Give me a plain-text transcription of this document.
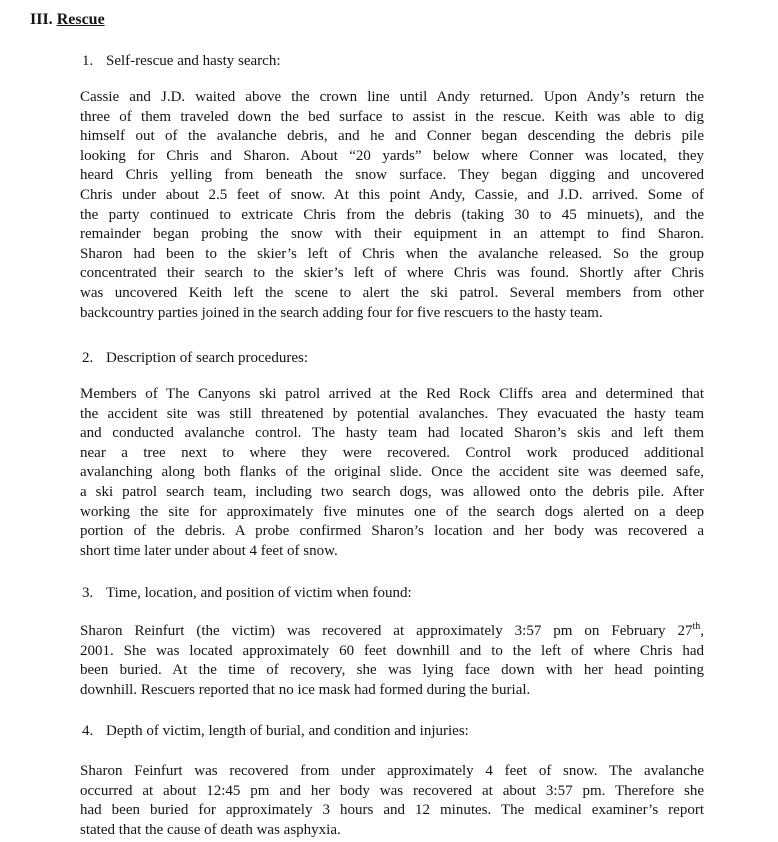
III. Rescue
1. Self-rescue and hasty search:
Cassie and J.D. waited above the crown line until Andy returned. Upon Andy’s return the
three of them traveled down the bed surface to assist in the rescue. Keith was able to dig
himself out of the avalanche debris, and he and Conner began descending the debris pile
looking for Chris and Sharon. About “20 yards” below where Conner was located, they
heard Chris yelling from beneath the snow surface. They began digging and uncovered
Chris under about 2.5 feet of snow. At this point Andy, Cassie, and J.D. arrived. Some of
the party continued to extricate Chris from the debris (taking 30 to 45 minuets), and the
remainder began probing the snow with their equipment in an attempt to find Sharon.
Sharon had been to the skier’s left of Chris when the avalanche released. So the group
concentrated their search to the skier’s left of where Chris was found. Shortly after Chris
was uncovered Keith left the scene to alert the ski patrol. Several members from other
backcountry parties joined in the search adding four for five rescuers to the hasty team.
2. Description of search procedures:
Members of The Canyons ski patrol arrived at the Red Rock Cliffs area and determined that
the accident site was still threatened by potential avalanches. They evacuated the hasty team
and conducted avalanche control. The hasty team had located Sharon’s skis and left them
near a tree next to where they were recovered. Control work produced additional
avalanching along both flanks of the original slide. Once the accident site was deemed safe,
a ski patrol search team, including two search dogs, was allowed onto the debris pile. After
working the site for approximately five minutes one of the search dogs alerted on a deep
portion of the debris. A probe confirmed Sharon’s location and her body was recovered a
short time later under about 4 feet of snow.
3. Time, location, and position of victim when found:
Sharon Reinfurt (the victim) was recovered at approximately 3:57 pm on February 27th,
2001. She was located approximately 60 feet downhill and to the left of where Chris had
been buried. At the time of recovery, she was lying face down with her head pointing
downhill. Rescuers reported that no ice mask had formed during the burial.
4. Depth of victim, length of burial, and condition and injuries:
Sharon Feinfurt was recovered from under approximately 4 feet of snow. The avalanche
occurred at about 12:45 pm and her body was recovered at about 3:57 pm. Therefore she
had been buried for approximately 3 hours and 12 minutes. The medical examiner’s report
stated that the cause of death was asphyxia.
